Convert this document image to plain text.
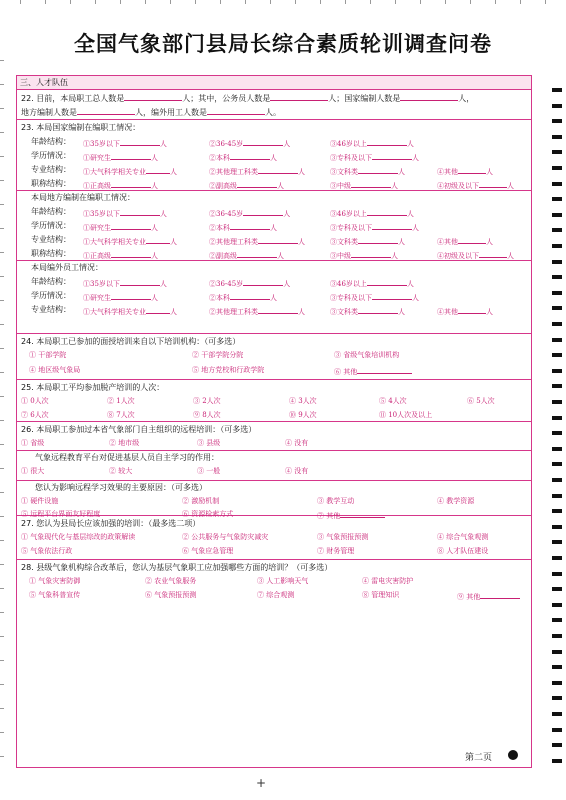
全国气象部门县局长综合素质轮训调查问卷
三、人才队伍
22. 目前，本局职工总人数是	人；其中，公务员人数是	人；国家编制人数是	人，
地方编制人数是	人，编外用工人数是	人。
23. 本局国家编制在编职工情况：
年龄结构： ①35岁以下	人	②36-45岁	人	③46岁以上	人
学历情况： ①研究生	人	②本科	人	③专科及以下	人
专业结构： ①大气科学相关专业	人	②其他理工科类	人	③文科类	人	④其他	人
职称结构： ①正高级	人	②副高级	人	③中级	人	④初级及以下	人
本局地方编制在编职工情况：
年龄结构： ①35岁以下	人	②36-45岁	人	③46岁以上	人
学历情况： ①研究生	人	②本科	人	③专科及以下	人
专业结构： ①大气科学相关专业	人	②其他理工科类	人	③文科类	人	④其他	人
职称结构： ①正高级	人	②副高级	人	③中级	人	④初级及以下	人
本局编外员工情况：
年龄结构： ①35岁以下	人	②36-45岁	人	③46岁以上	人
学历情况： ①研究生	人	②本科	人	③专科及以下	人
专业结构： ①大气科学相关专业	人	②其他理工科类	人	③文科类	人	④其他	人
24. 本局职工已参加的面授培训来自以下培训机构：（可多选）
① 干部学院	② 干部学院分院	③ 省级气象培训机构
④ 地区级气象局	⑤ 地方党校和行政学院	⑥ 其他
25. 本局职工平均参加脱产培训的人次：
① 0人次	② 1人次	③ 2人次	④ 3人次	⑤ 4人次	⑥ 5人次
⑦ 6人次	⑧ 7人次	⑨ 8人次	⑩ 9人次	⑪ 10人次及以上
26. 本局职工参加过本省气象部门自主组织的远程培训：（可多选）
气象远程教育平台对促进基层人员自主学习的作用：
您认为影响远程学习效果的主要原因：（可多选）
① 省级	② 地市级	③ 县级	④ 没有
① 很大	② 较大	③ 一般	④ 没有
① 硬件设施	② 激励机制	③ 教学互动	④ 教学资源
⑤ 远程平台界面友好程度	⑥ 资源检索方式	⑦ 其他
27. 您认为县局长应该加强的培训：（最多选二项）
① 气象现代化与基层综改的政策解读	② 公共服务与气象防灾减灾	③ 气象预报预测	④ 综合气象观测
⑤ 气象依法行政	⑥ 气象应急管理	⑦ 财务管理	⑧ 人才队伍建设
28. 县级气象机构综合改革后，您认为基层气象职工应加强哪些方面的培训？（可多选）
① 气象灾害防御	② 农业气象服务	③ 人工影响天气	④ 雷电灾害防护
⑤ 气象科普宣传	⑥ 气象预报预测	⑦ 综合观测	⑧ 管理知识	⑨ 其他
第二页
+
